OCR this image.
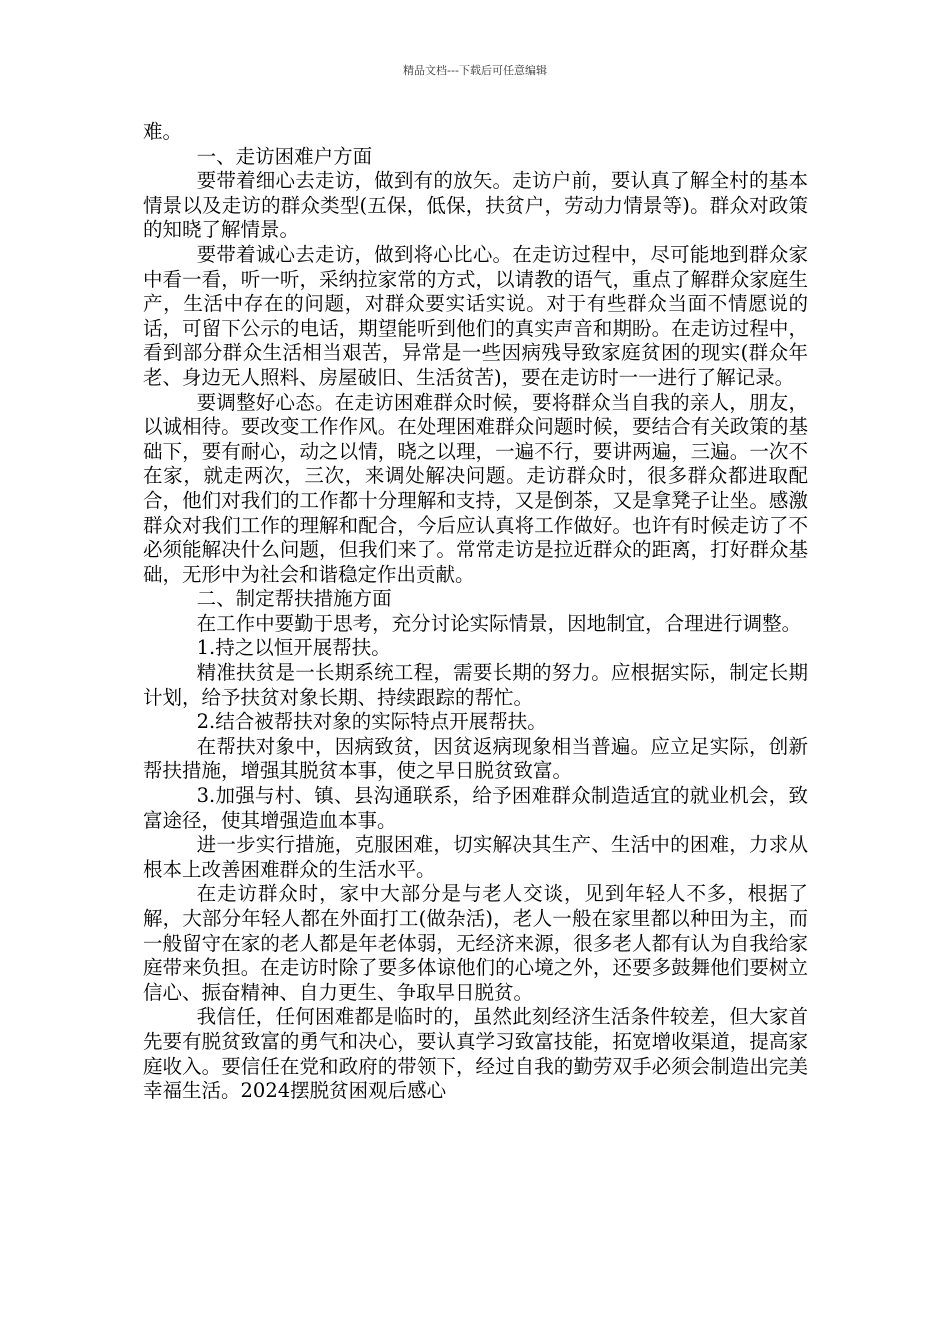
精品文档---下载后可任意编辑

难。

一、走访困难户方面

要带着细心去走访，做到有的放矢。走访户前，要认真了解全村的基本情景以及走访的群众类型(五保，低保，扶贫户，劳动力情景等)。群众对政策的知晓了解情景。

要带着诚心去走访，做到将心比心。在走访过程中，尽可能地到群众家中看一看，听一听，采纳拉家常的方式，以请教的语气，重点了解群众家庭生产，生活中存在的问题，对群众要实话实说。对于有些群众当面不情愿说的话，可留下公示的电话，期望能听到他们的真实声音和期盼。在走访过程中，看到部分群众生活相当艰苦，异常是一些因病残导致家庭贫困的现实(群众年老、身边无人照料、房屋破旧、生活贫苦)，要在走访时一一进行了解记录。

要调整好心态。在走访困难群众时候，要将群众当自我的亲人，朋友，以诚相待。要改变工作作风。在处理困难群众问题时候，要结合有关政策的基础下，要有耐心，动之以情，晓之以理，一遍不行，要讲两遍，三遍。一次不在家，就走两次，三次，来调处解决问题。走访群众时，很多群众都进取配合，他们对我们的工作都十分理解和支持，又是倒茶，又是拿凳子让坐。感激群众对我们工作的理解和配合，今后应认真将工作做好。也许有时候走访了不必须能解决什么问题，但我们来了。常常走访是拉近群众的距离，打好群众基础，无形中为社会和谐稳定作出贡献。

二、制定帮扶措施方面

在工作中要勤于思考，充分讨论实际情景，因地制宜，合理进行调整。

1.持之以恒开展帮扶。

精准扶贫是一长期系统工程，需要长期的努力。应根据实际，制定长期计划，给予扶贫对象长期、持续跟踪的帮忙。

2.结合被帮扶对象的实际特点开展帮扶。

在帮扶对象中，因病致贫，因贫返病现象相当普遍。应立足实际，创新帮扶措施，增强其脱贫本事，使之早日脱贫致富。

3.加强与村、镇、县沟通联系，给予困难群众制造适宜的就业机会，致富途径，使其增强造血本事。

进一步实行措施，克服困难，切实解决其生产、生活中的困难，力求从根本上改善困难群众的生活水平。

在走访群众时，家中大部分是与老人交谈，见到年轻人不多，根据了解，大部分年轻人都在外面打工(做杂活)，老人一般在家里都以种田为主，而一般留守在家的老人都是年老体弱，无经济来源，很多老人都有认为自我给家庭带来负担。在走访时除了要多体谅他们的心境之外，还要多鼓舞他们要树立信心、振奋精神、自力更生、争取早日脱贫。

我信任，任何困难都是临时的，虽然此刻经济生活条件较差，但大家首先要有脱贫致富的勇气和决心，要认真学习致富技能，拓宽增收渠道，提高家庭收入。要信任在党和政府的带领下，经过自我的勤劳双手必须会制造出完美幸福生活。2024摆脱贫困观后感心
